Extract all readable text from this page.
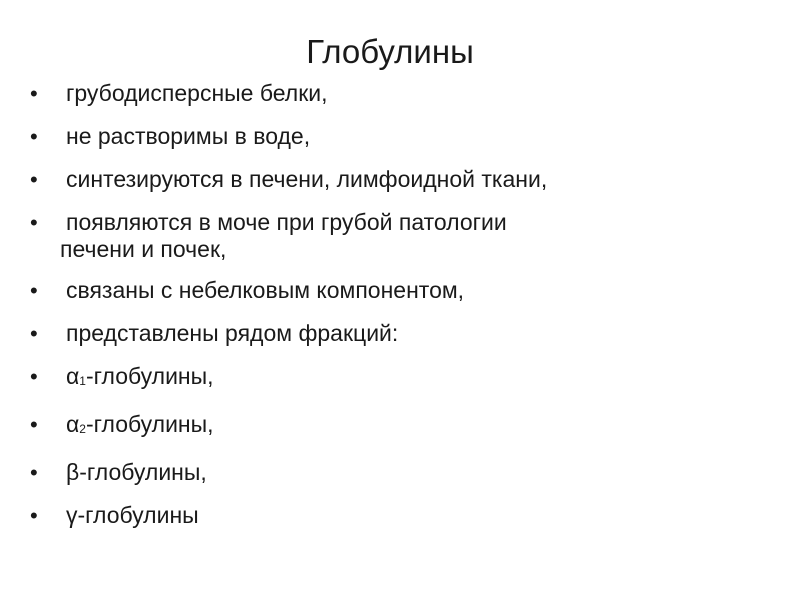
Глобулины
•	грубодисперсные белки,
•	не растворимы в воде,
•	синтезируются в печени, лимфоидной ткани,
•	появляются в моче при грубой патологии
печени и почек,
•	связаны с небелковым компонентом,
•	представлены рядом фракций:
•	α1-глобулины,
•	α2-глобулины,
•	β-глобулины,
•	γ-глобулины
